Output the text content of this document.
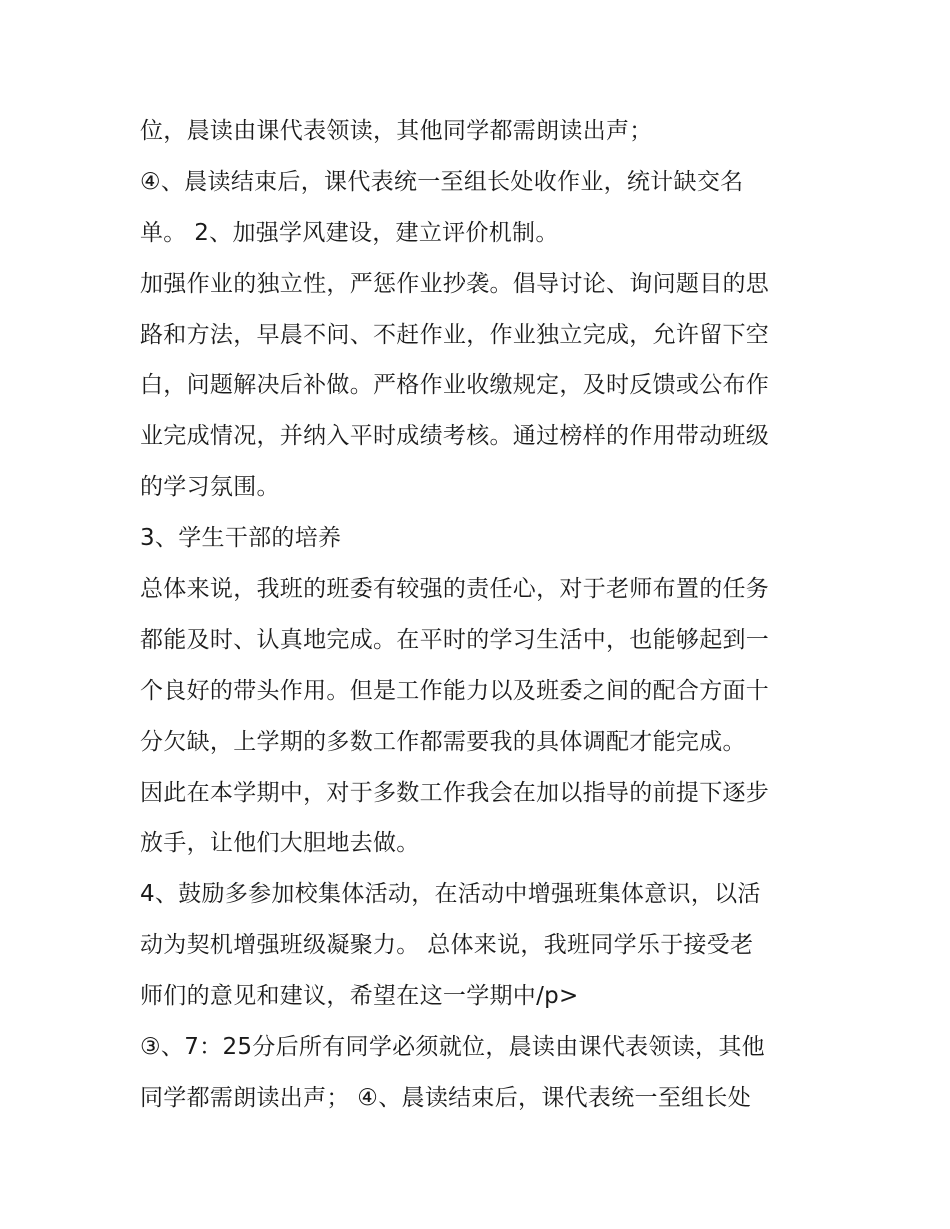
位，晨读由课代表领读，其他同学都需朗读出声；
④、晨读结束后，课代表统一至组长处收作业，统计缺交名
单。 2、加强学风建设，建立评价机制。
加强作业的独立性，严惩作业抄袭。倡导讨论、询问题目的思
路和方法，早晨不问、不赶作业，作业独立完成，允许留下空
白，问题解决后补做。严格作业收缴规定，及时反馈或公布作
业完成情况，并纳入平时成绩考核。通过榜样的作用带动班级
的学习氛围。
3、学生干部的培养
总体来说，我班的班委有较强的责任心，对于老师布置的任务
都能及时、认真地完成。在平时的学习生活中，也能够起到一
个良好的带头作用。但是工作能力以及班委之间的配合方面十
分欠缺，上学期的多数工作都需要我的具体调配才能完成。
因此在本学期中，对于多数工作我会在加以指导的前提下逐步
放手，让他们大胆地去做。
4、鼓励多参加校集体活动，在活动中增强班集体意识，以活
动为契机增强班级凝聚力。 总体来说，我班同学乐于接受老
师们的意见和建议，希望在这一学期中/p>
③、7：25分后所有同学必须就位，晨读由课代表领读，其他
同学都需朗读出声； ④、晨读结束后，课代表统一至组长处
